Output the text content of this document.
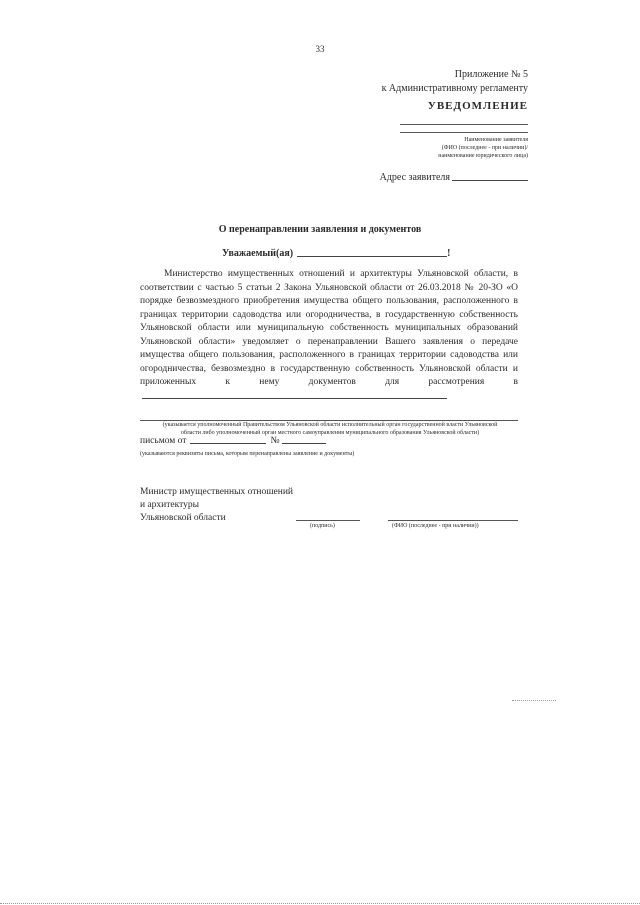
33
Приложение № 5
к Административному регламенту
УВЕДОМЛЕНИЕ
Наименование заявителя
(ФИО (последнее - при наличии)/
наименование юридического лица)
Адрес заявителя
О перенаправлении заявления и документов
Уважаемый(ая)	!
Министерство имущественных отношений и архитектуры Ульяновской области, в соответствии с частью 5 статьи 2 Закона Ульяновской области от 26.03.2018 № 20-ЗО «О порядке безвозмездного приобретения имущества общего пользования, расположенного в границах территории садоводства или огородничества, в государственную собственность Ульяновской области или муниципальную собственность муниципальных образований Ульяновской области» уведомляет о перенаправлении Вашего заявления о передаче имущества общего пользования, расположенного в границах территории садоводства или огородничества, безвозмездно в государственную собственность Ульяновской области и приложенных к нему документов для рассмотрения в
(указывается уполномоченный Правительством Ульяновской области исполнительный орган государственной власти Ульяновской
области либо уполномоченный орган местного самоуправления муниципального образования Ульяновской области)
письмом от	№
(указываются реквизиты письма, которым перенаправлены заявление и документы)
Министр имущественных отношений
и архитектуры
Ульяновской области
(подпись)	(ФИО (последнее - при наличии))
